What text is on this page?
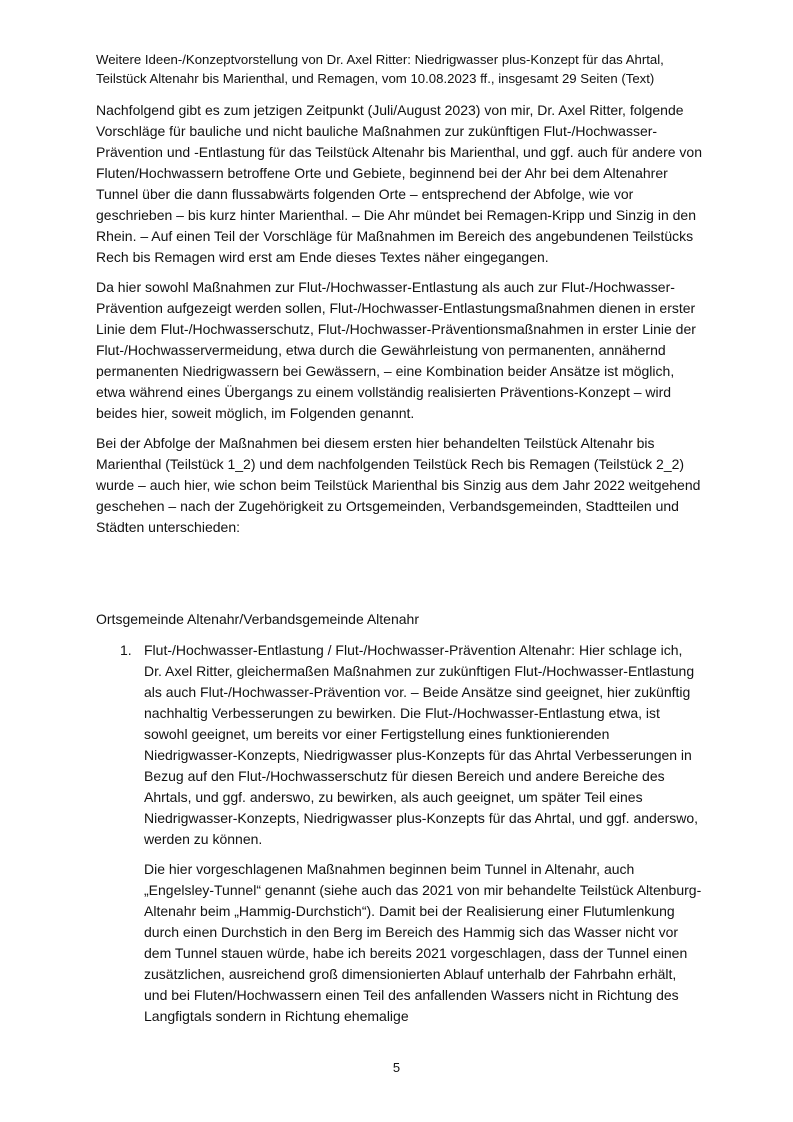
Weitere Ideen-/Konzeptvorstellung von Dr. Axel Ritter: Niedrigwasser plus-Konzept für das Ahrtal,
Teilstück Altenahr bis Marienthal, und Remagen, vom 10.08.2023 ff., insgesamt 29 Seiten (Text)

Nachfolgend gibt es zum jetzigen Zeitpunkt (Juli/August 2023) von mir, Dr. Axel Ritter, folgende Vorschläge für bauliche und nicht bauliche Maßnahmen zur zukünftigen Flut-/Hochwasser-Prävention und -Entlastung für das Teilstück Altenahr bis Marienthal, und ggf. auch für andere von Fluten/Hochwassern betroffene Orte und Gebiete, beginnend bei der Ahr bei dem Altenahrer Tunnel über die dann flussabwärts folgenden Orte – entsprechend der Abfolge, wie vor geschrieben – bis kurz hinter Marienthal. – Die Ahr mündet bei Remagen-Kripp und Sinzig in den Rhein. – Auf einen Teil der Vorschläge für Maßnahmen im Bereich des angebundenen Teilstücks Rech bis Remagen wird erst am Ende dieses Textes näher eingegangen.

Da hier sowohl Maßnahmen zur Flut-/Hochwasser-Entlastung als auch zur Flut-/Hochwasser-Prävention aufgezeigt werden sollen, Flut-/Hochwasser-Entlastungsmaßnahmen dienen in erster Linie dem Flut-/Hochwasserschutz, Flut-/Hochwasser-Präventionsmaßnahmen in erster Linie der Flut-/Hochwasservermeidung, etwa durch die Gewährleistung von permanenten, annähernd permanenten Niedrigwassern bei Gewässern, – eine Kombination beider Ansätze ist möglich, etwa während eines Übergangs zu einem vollständig realisierten Präventions-Konzept – wird beides hier, soweit möglich, im Folgenden genannt.

Bei der Abfolge der Maßnahmen bei diesem ersten hier behandelten Teilstück Altenahr bis Marienthal (Teilstück 1_2) und dem nachfolgenden Teilstück Rech bis Remagen (Teilstück 2_2) wurde – auch hier, wie schon beim Teilstück Marienthal bis Sinzig aus dem Jahr 2022 weitgehend geschehen – nach der Zugehörigkeit zu Ortsgemeinden, Verbandsgemeinden, Stadtteilen und Städten unterschieden:

Ortsgemeinde Altenahr/Verbandsgemeinde Altenahr
1. Flut-/Hochwasser-Entlastung / Flut-/Hochwasser-Prävention Altenahr: Hier schlage ich, Dr. Axel Ritter, gleichermaßen Maßnahmen zur zukünftigen Flut-/Hochwasser-Entlastung als auch Flut-/Hochwasser-Prävention vor. – Beide Ansätze sind geeignet, hier zukünftig nachhaltig Verbesserungen zu bewirken. Die Flut-/Hochwasser-Entlastung etwa, ist sowohl geeignet, um bereits vor einer Fertigstellung eines funktionierenden Niedrigwasser-Konzepts, Niedrigwasser plus-Konzepts für das Ahrtal Verbesserungen in Bezug auf den Flut-/Hochwasserschutz für diesen Bereich und andere Bereiche des Ahrtals, und ggf. anderswo, zu bewirken, als auch geeignet, um später Teil eines Niedrigwasser-Konzepts, Niedrigwasser plus-Konzepts für das Ahrtal, und ggf. anderswo, werden zu können.

Die hier vorgeschlagenen Maßnahmen beginnen beim Tunnel in Altenahr, auch „Engelsley-Tunnel“ genannt (siehe auch das 2021 von mir behandelte Teilstück Altenburg-Altenahr beim „Hammig-Durchstich“). Damit bei der Realisierung einer Flutumlenkung durch einen Durchstich in den Berg im Bereich des Hammig sich das Wasser nicht vor dem Tunnel stauen würde, habe ich bereits 2021 vorgeschlagen, dass der Tunnel einen zusätzlichen, ausreichend groß dimensionierten Ablauf unterhalb der Fahrbahn erhält, und bei Fluten/Hochwassern einen Teil des anfallenden Wassers nicht in Richtung des Langfigtals sondern in Richtung ehemalige

5
